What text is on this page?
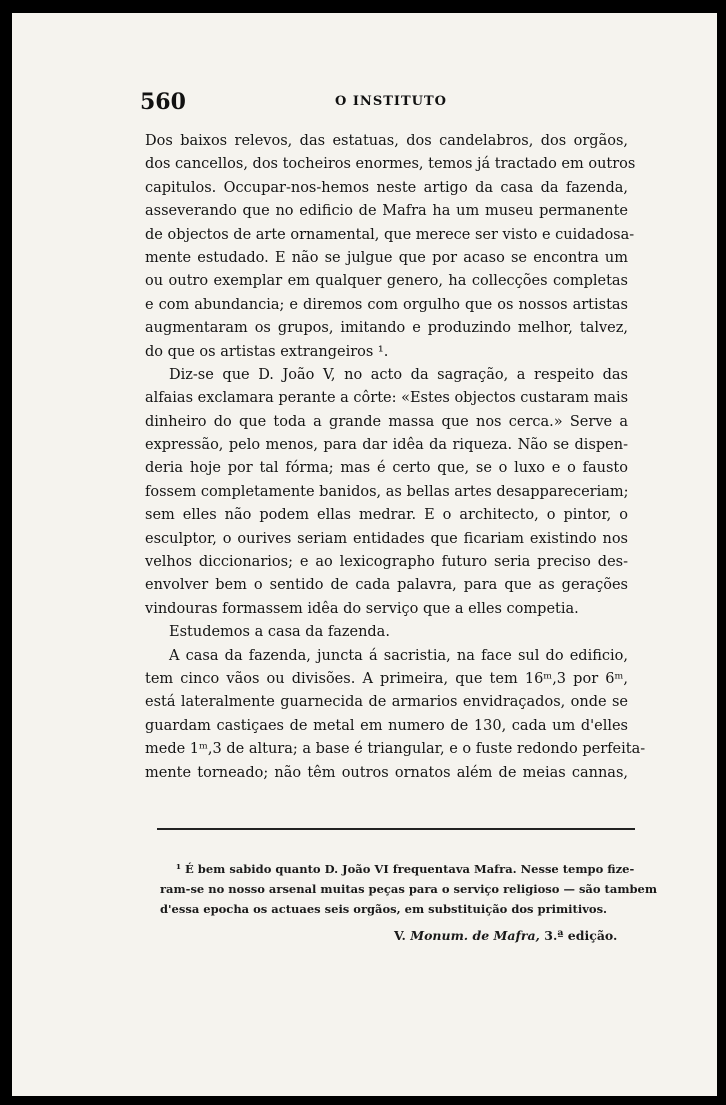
560	O INSTITUTO
Dos baixos relevos, das estatuas, dos candelabros, dos orgãos,
dos cancellos, dos tocheiros enormes, temos já tractado em outros
capitulos. Occupar-nos-hemos neste artigo da casa da fazenda,
asseverando que no edificio de Mafra ha um museu permanente
de objectos de arte ornamental, que merece ser visto e cuidadosa-
mente estudado. E não se julgue que por acaso se encontra um
ou outro exemplar em qualquer genero, ha collecções completas
e com abundancia; e diremos com orgulho que os nossos artistas
augmentaram os grupos, imitando e produzindo melhor, talvez,
do que os artistas extrangeiros ¹.
Diz-se que D. João V, no acto da sagração, a respeito das
alfaias exclamara perante a côrte: «Estes objectos custaram mais
dinheiro do que toda a grande massa que nos cerca.» Serve a
expressão, pelo menos, para dar idêa da riqueza. Não se dispen-
deria hoje por tal fórma; mas é certo que, se o luxo e o fausto
fossem completamente banidos, as bellas artes desappareceriam;
sem elles não podem ellas medrar. E o architecto, o pintor, o
esculptor, o ourives seriam entidades que ficariam existindo nos
velhos diccionarios; e ao lexicographo futuro seria preciso des-
envolver bem o sentido de cada palavra, para que as gerações
vindouras formassem idêa do serviço que a elles competia.
Estudemos a casa da fazenda.
A casa da fazenda, juncta á sacristia, na face sul do edificio,
tem cinco vãos ou divisões. A primeira, que tem 16ᵐ,3 por 6ᵐ,
está lateralmente guarnecida de armarios envidraçados, onde se
guardam castiçaes de metal em numero de 130, cada um d'elles
mede 1ᵐ,3 de altura; a base é triangular, e o fuste redondo perfeita-
mente torneado; não têm outros ornatos além de meias cannas,
¹ É bem sabido quanto D. João VI frequentava Mafra. Nesse tempo fize-
ram-se no nosso arsenal muitas peças para o serviço religioso — são tambem
d'essa epocha os actuaes seis orgãos, em substituição dos primitivos.
V. Monum. de Mafra, 3.ª edição.
